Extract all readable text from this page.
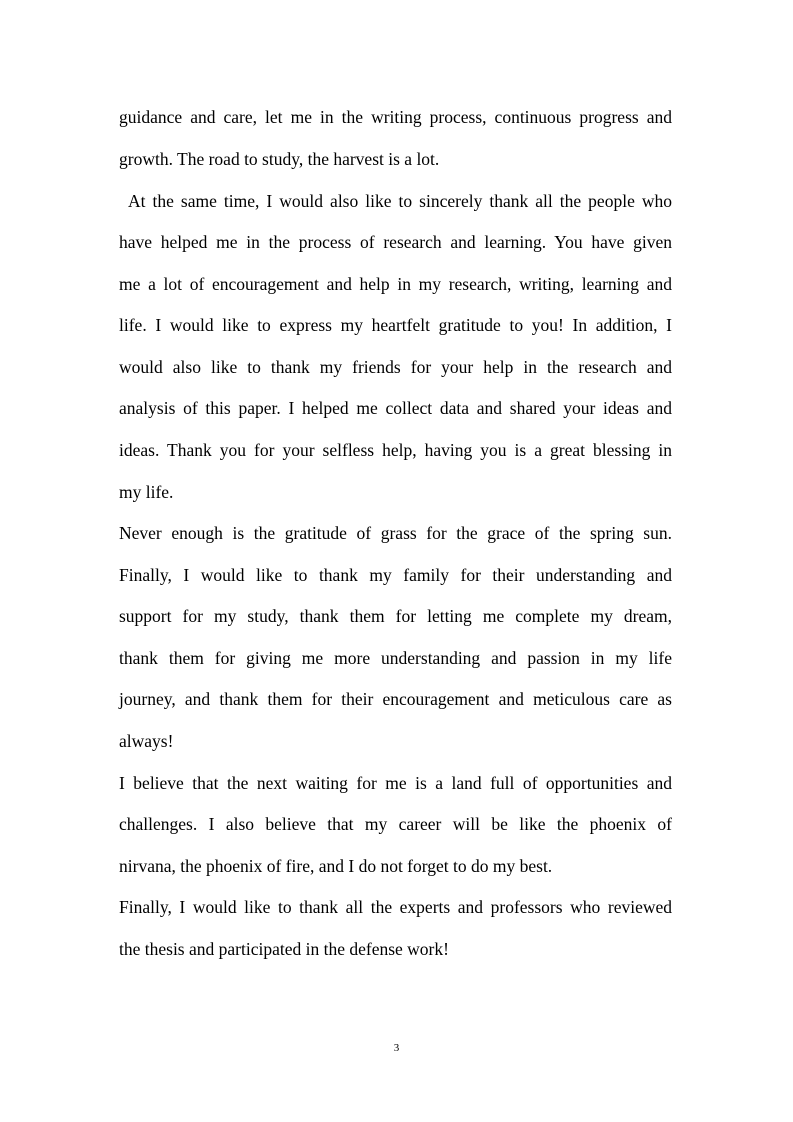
guidance and care, let me in the writing process, continuous progress and
growth. The road to study, the harvest is a lot.
At the same time, I would also like to sincerely thank all the people who
have helped me in the process of research and learning. You have given
me a lot of encouragement and help in my research, writing, learning and
life. I would like to express my heartfelt gratitude to you! In addition, I
would also like to thank my friends for your help in the research and
analysis of this paper. I helped me collect data and shared your ideas and
ideas. Thank you for your selfless help, having you is a great blessing in
my life.
Never enough is the gratitude of grass for the grace of the spring sun.
Finally, I would like to thank my family for their understanding and
support for my study, thank them for letting me complete my dream,
thank them for giving me more understanding and passion in my life
journey, and thank them for their encouragement and meticulous care as
always!
I believe that the next waiting for me is a land full of opportunities and
challenges. I also believe that my career will be like the phoenix of
nirvana, the phoenix of fire, and I do not forget to do my best.
Finally, I would like to thank all the experts and professors who reviewed
the thesis and participated in the defense work!
3
